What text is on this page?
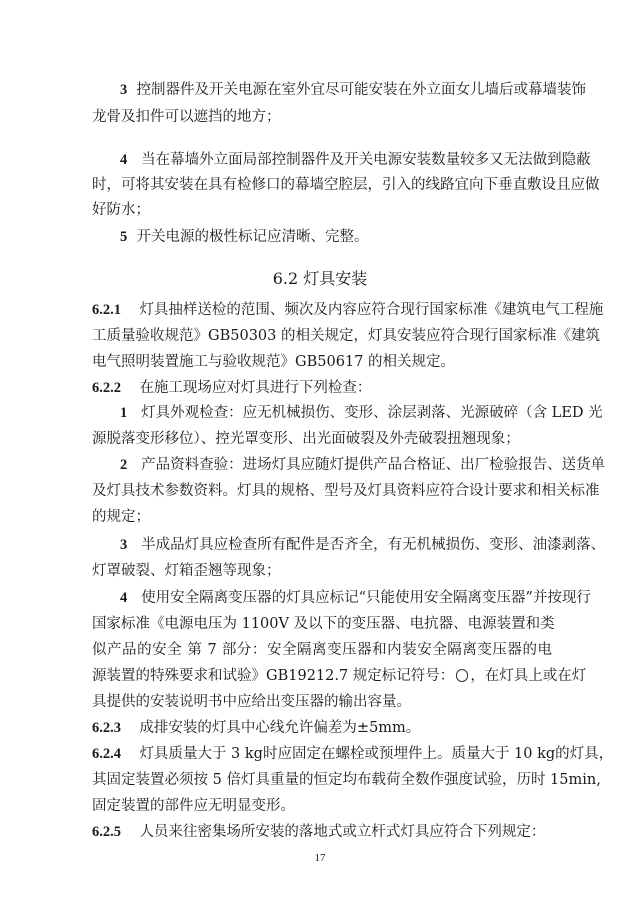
3 控制器件及开关电源在室外宜尽可能安装在外立面女儿墙后或幕墙装饰
龙骨及扣件可以遮挡的地方；
4 当在幕墙外立面局部控制器件及开关电源安装数量较多又无法做到隐蔽
时，可将其安装在具有检修口的幕墙空腔层，引入的线路宜向下垂直敷设且应做
好防水；
5 开关电源的极性标记应清晰、完整。
6.2 灯具安装
6.2.1 灯具抽样送检的范围、频次及内容应符合现行国家标准《建筑电气工程施
工质量验收规范》GB50303 的相关规定，灯具安装应符合现行国家标准《建筑
电气照明装置施工与验收规范》GB50617 的相关规定。
6.2.2 在施工现场应对灯具进行下列检查：
1 灯具外观检查：应无机械损伤、变形、涂层剥落、光源破碎（含 LED 光
源脱落变形移位）、控光罩变形、出光面破裂及外壳破裂扭翘现象；
2 产品资料查验：进场灯具应随灯提供产品合格证、出厂检验报告、送货单
及灯具技术参数资料。灯具的规格、型号及灯具资料应符合设计要求和相关标准
的规定；
3 半成品灯具应检查所有配件是否齐全，有无机械损伤、变形、油漆剥落、
灯罩破裂、灯箱歪翘等现象；
4 使用安全隔离变压器的灯具应标记“只能使用安全隔离变压器”并按现行
国家标准《电源电压为 1100V 及以下的变压器、电抗器、电源装置和类
似产品的安全 第 7 部分：安全隔离变压器和内装安全隔离变压器的电
源装置的特殊要求和试验》GB19212.7 规定标记符号： ，在灯具上或在灯
具提供的安装说明书中应给出变压器的输出容量。
6.2.3 成排安装的灯具中心线允许偏差为±5mm。
6.2.4 灯具质量大于 3 kg时应固定在螺栓或预埋件上。质量大于 10 kg的灯具，
其固定装置必须按 5 倍灯具重量的恒定均布载荷全数作强度试验，历时 15min,
固定装置的部件应无明显变形。
6.2.5 人员来往密集场所安装的落地式或立杆式灯具应符合下列规定：
17
